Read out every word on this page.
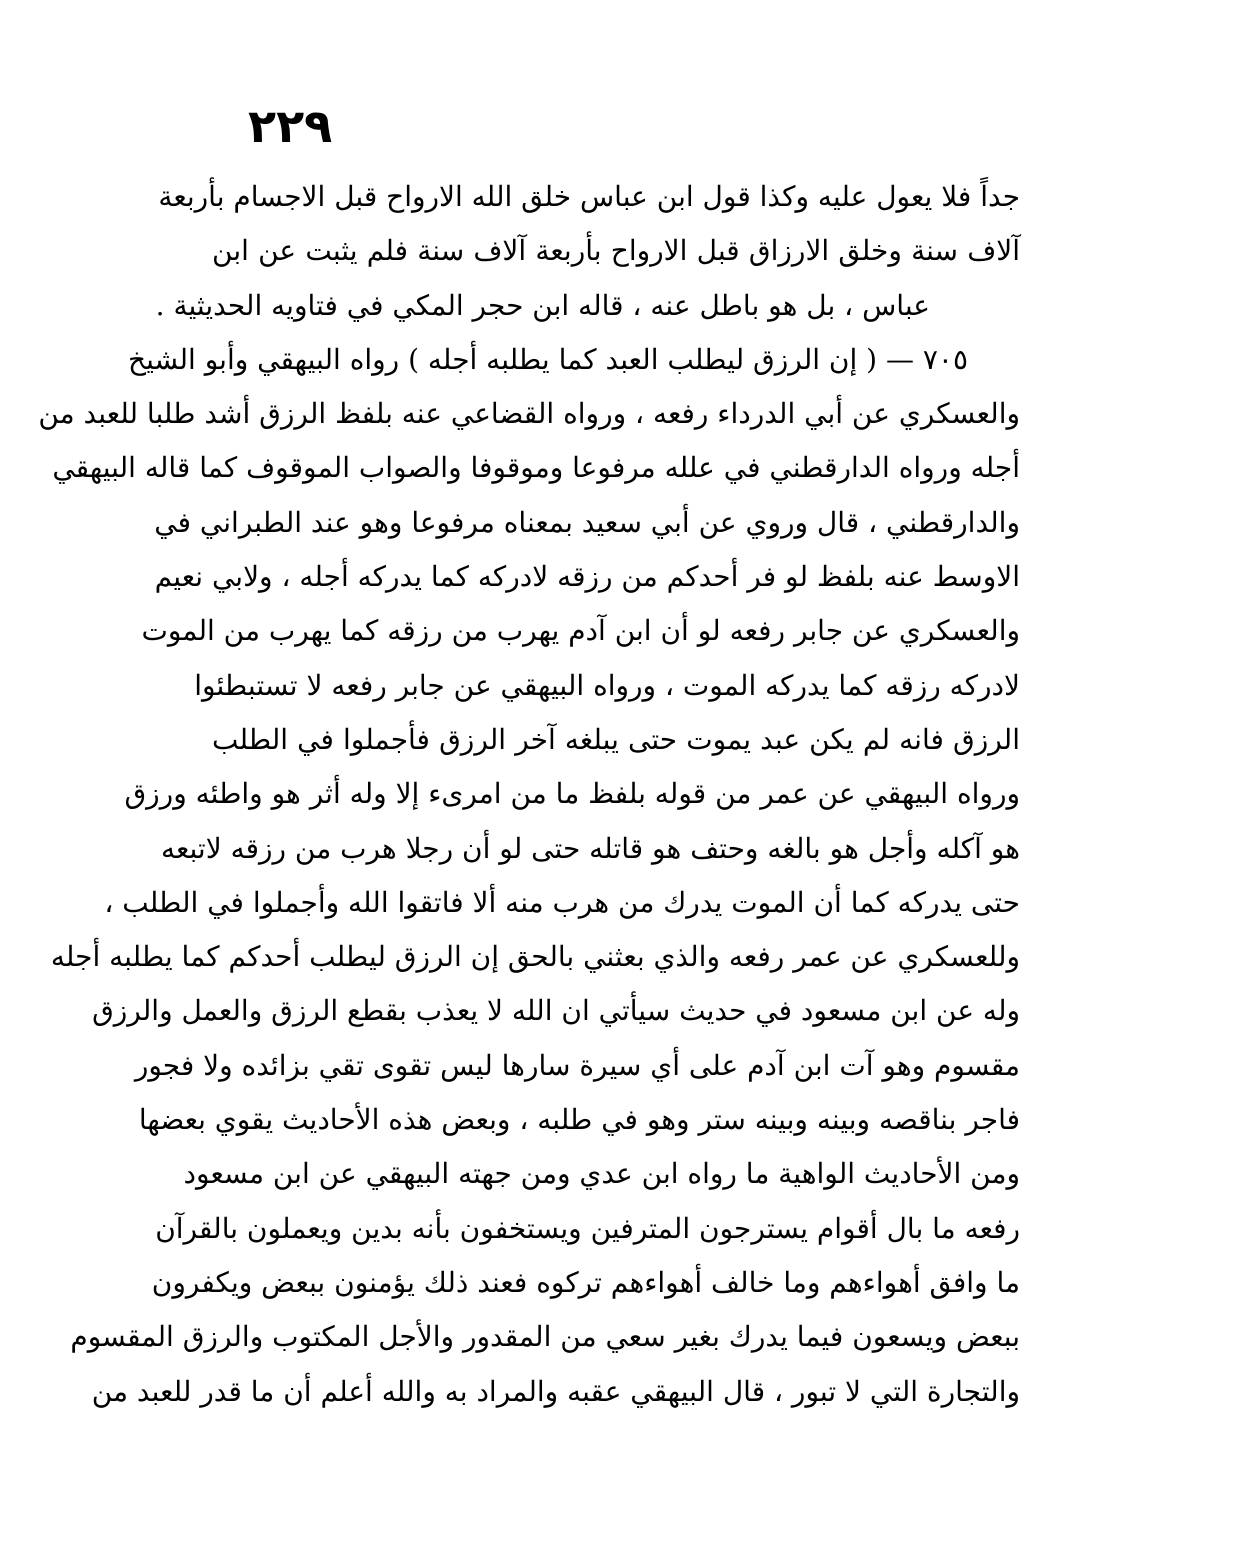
٢٢٩
جداً فلا يعول عليه وكذا قول ابن عباس خلق الله الارواح قبل الاجسام بأربعة
آلاف سنة وخلق الارزاق قبل الارواح بأربعة آلاف سنة فلم يثبت عن ابن
عباس ، بل هو باطل عنه ، قاله ابن حجر المكي في فتاويه الحديثية .
٧٠٥ — ( إن الرزق ليطلب العبد كما يطلبه أجله ) رواه البيهقي وأبو الشيخ
والعسكري عن أبي الدرداء رفعه ، ورواه القضاعي عنه بلفظ الرزق أشد طلبا للعبد من
أجله ورواه الدارقطني في علله مرفوعا وموقوفا والصواب الموقوف كما قاله البيهقي
والدارقطني ، قال وروي عن أبي سعيد بمعناه مرفوعا وهو عند الطبراني في
الاوسط عنه بلفظ لو فر أحدكم من رزقه لادركه كما يدركه أجله ، ولابي نعيم
والعسكري عن جابر رفعه لو أن ابن آدم يهرب من رزقه كما يهرب من الموت
لادركه رزقه كما يدركه الموت ، ورواه البيهقي عن جابر رفعه لا تستبطئوا
الرزق فانه لم يكن عبد يموت حتى يبلغه آخر الرزق فأجملوا في الطلب
ورواه البيهقي عن عمر من قوله بلفظ ما من امرىء إلا وله أثر هو واطئه ورزق
هو آكله وأجل هو بالغه وحتف هو قاتله حتى لو أن رجلا هرب من رزقه لاتبعه
حتى يدركه كما أن الموت يدرك من هرب منه ألا فاتقوا الله وأجملوا في الطلب ،
وللعسكري عن عمر رفعه والذي بعثني بالحق إن الرزق ليطلب أحدكم كما يطلبه أجله
وله عن ابن مسعود في حديث سيأتي ان الله لا يعذب بقطع الرزق والعمل والرزق
مقسوم وهو آت ابن آدم على أي سيرة سارها ليس تقوى تقي بزائده ولا فجور
فاجر بناقصه وبينه وبينه ستر وهو في طلبه ، وبعض هذه الأحاديث يقوي بعضها
ومن الأحاديث الواهية ما رواه ابن عدي ومن جهته البيهقي عن ابن مسعود
رفعه ما بال أقوام يسترجون المترفين ويستخفون بأنه بدين ويعملون بالقرآن
ما وافق أهواءهم وما خالف أهواءهم تركوه فعند ذلك يؤمنون ببعض ويكفرون
ببعض ويسعون فيما يدرك بغير سعي من المقدور والأجل المكتوب والرزق المقسوم
والتجارة التي لا تبور ، قال البيهقي عقبه والمراد به والله أعلم أن ما قدر للعبد من
